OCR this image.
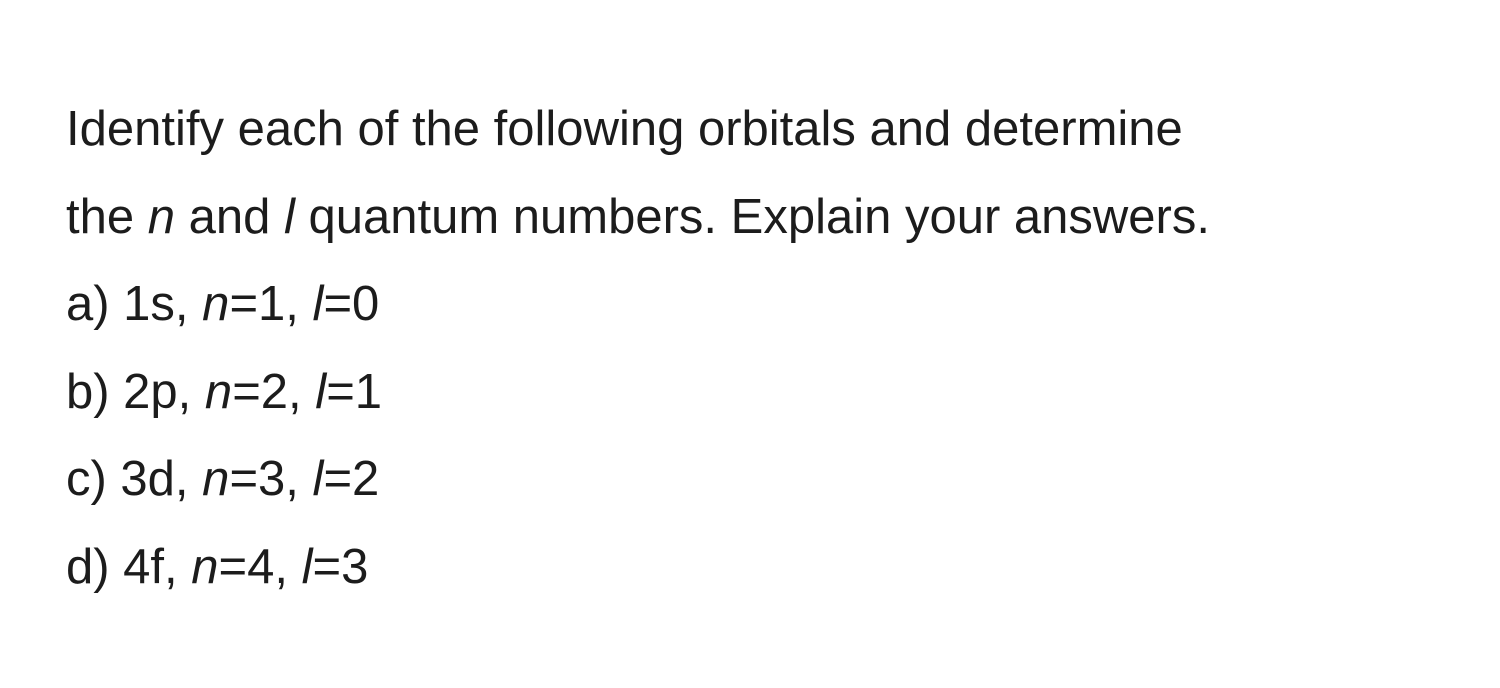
Identify each of the following orbitals and determine
the n and l quantum numbers. Explain your answers.
a) 1s, n=1, l=0
b) 2p, n=2, l=1
c) 3d, n=3, l=2
d) 4f, n=4, l=3
